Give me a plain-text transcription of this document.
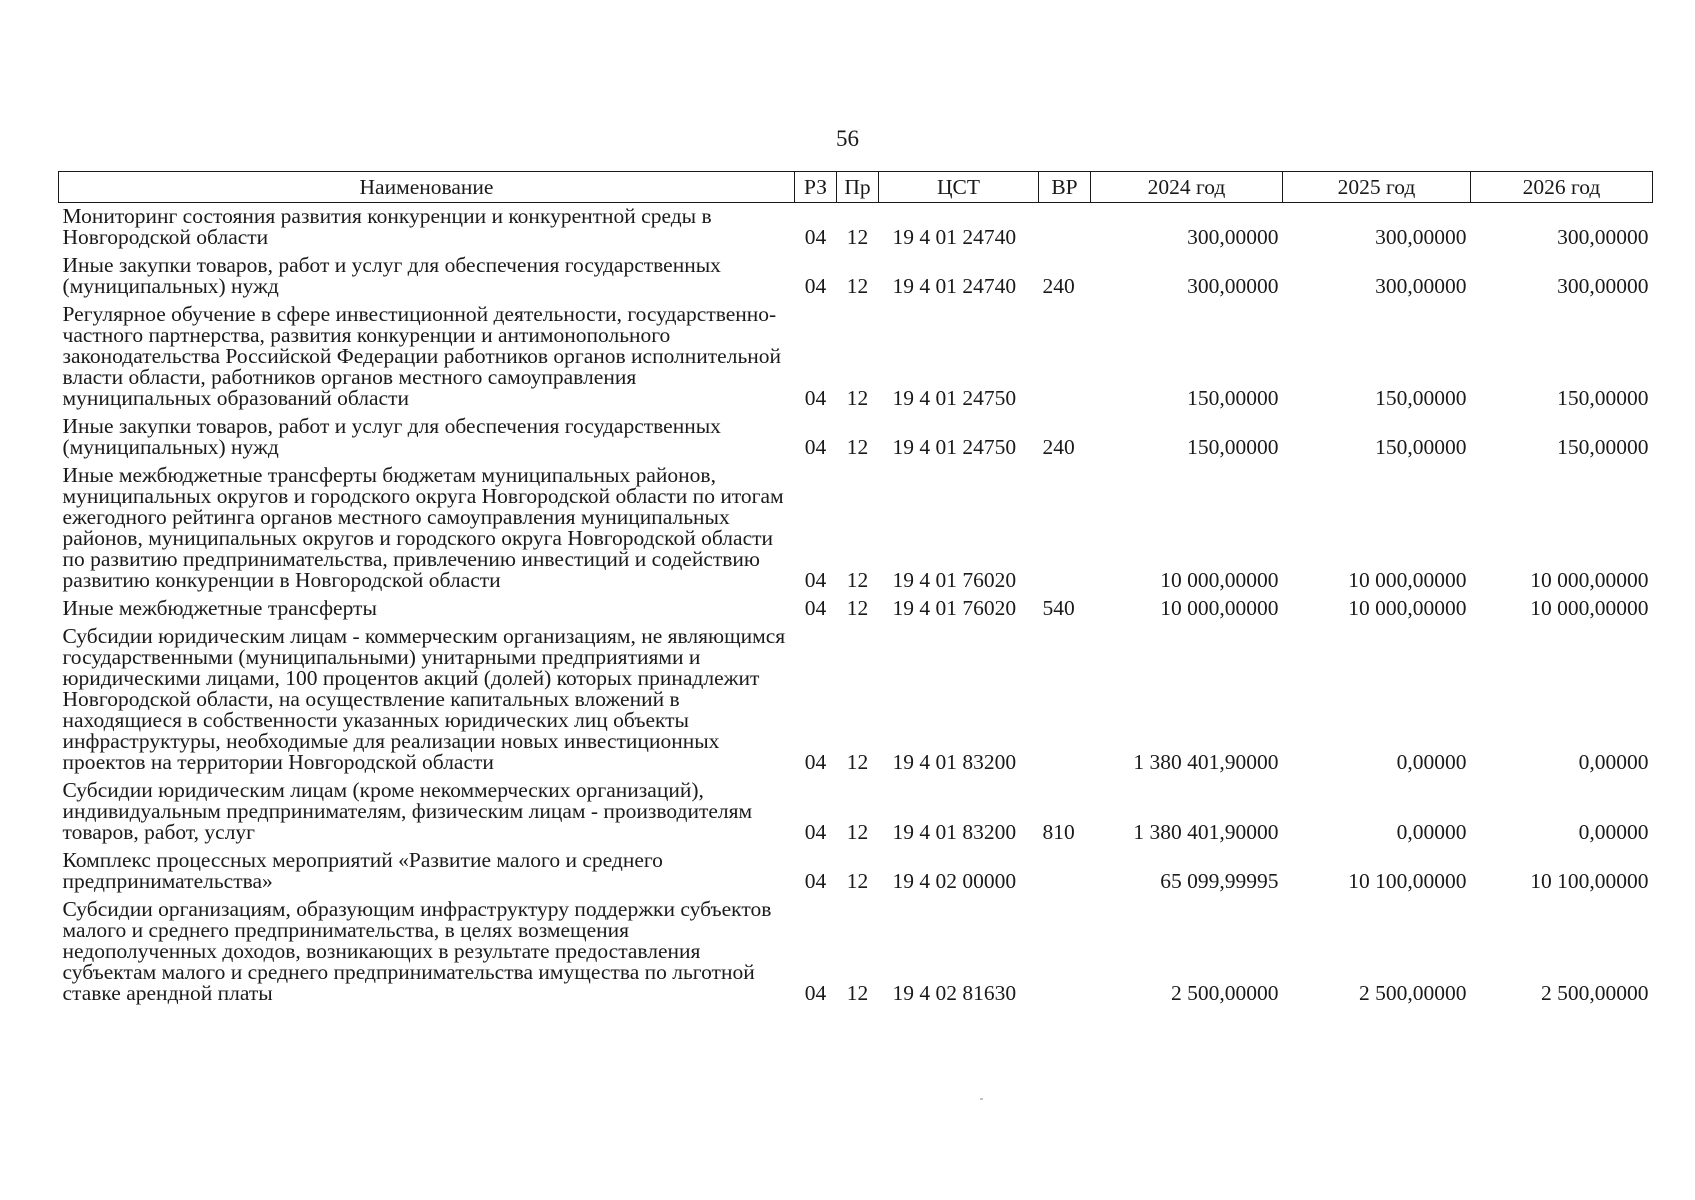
56
Наименование	РЗ	Пр	ЦСТ	ВР	2024 год	2025 год	2026 год
Мониторинг состояния развития конкуренции и конкурентной среды в Новгородской области	04	12	19 4 01 24740		300,00000	300,00000	300,00000
Иные закупки товаров, работ и услуг для обеспечения государственных (муниципальных) нужд	04	12	19 4 01 24740	240	300,00000	300,00000	300,00000
Регулярное обучение в сфере инвестиционной деятельности, государственно-частного партнерства, развития конкуренции и антимонопольного законодательства Российской Федерации работников органов исполнительной власти области, работников органов местного самоуправления муниципальных образований области	04	12	19 4 01 24750		150,00000	150,00000	150,00000
Иные закупки товаров, работ и услуг для обеспечения государственных (муниципальных) нужд	04	12	19 4 01 24750	240	150,00000	150,00000	150,00000
Иные межбюджетные трансферты бюджетам муниципальных районов, муниципальных округов и городского округа Новгородской области по итогам ежегодного рейтинга органов местного самоуправления муниципальных районов, муниципальных округов и городского округа Новгородской области по развитию предпринимательства, привлечению инвестиций и содействию развитию конкуренции в Новгородской области	04	12	19 4 01 76020		10 000,00000	10 000,00000	10 000,00000
Иные межбюджетные трансферты	04	12	19 4 01 76020	540	10 000,00000	10 000,00000	10 000,00000
Субсидии юридическим лицам - коммерческим организациям, не являющимся государственными (муниципальными) унитарными предприятиями и юридическими лицами, 100 процентов акций (долей) которых принадлежит Новгородской области, на осуществление капитальных вложений в находящиеся в собственности указанных юридических лиц объекты инфраструктуры, необходимые для реализации новых инвестиционных проектов на территории Новгородской области	04	12	19 4 01 83200		1 380 401,90000	0,00000	0,00000
Субсидии юридическим лицам (кроме некоммерческих организаций), индивидуальным предпринимателям, физическим лицам - производителям товаров, работ, услуг	04	12	19 4 01 83200	810	1 380 401,90000	0,00000	0,00000
Комплекс процессных мероприятий «Развитие малого и среднего предпринимательства»	04	12	19 4 02 00000		65 099,99995	10 100,00000	10 100,00000
Субсидии организациям, образующим инфраструктуру поддержки субъектов малого и среднего предпринимательства, в целях возмещения недополученных доходов, возникающих в результате предоставления субъектам малого и среднего предпринимательства имущества по льготной ставке арендной платы	04	12	19 4 02 81630		2 500,00000	2 500,00000	2 500,00000
